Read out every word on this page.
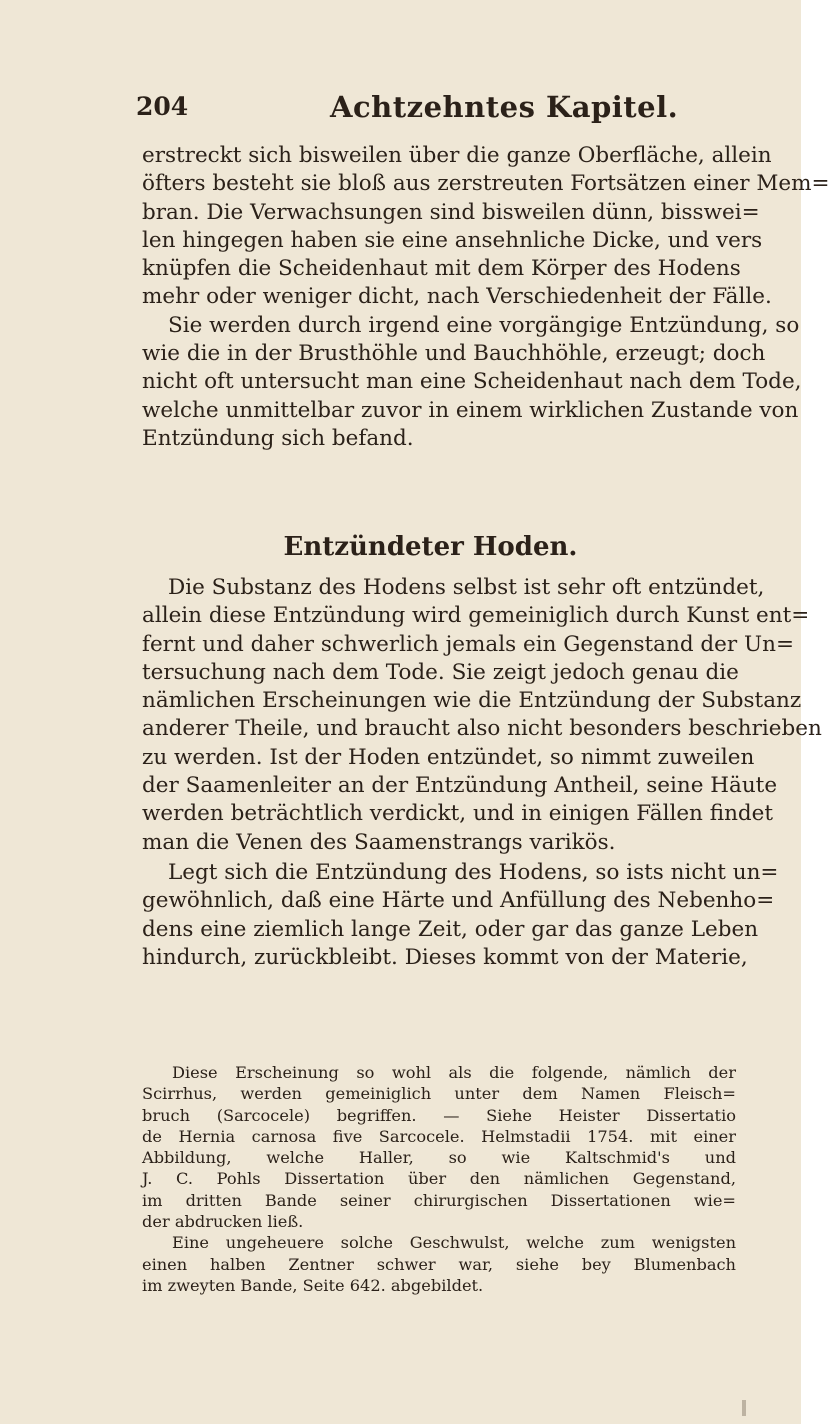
204	Achtzehntes Kapitel.
erstreckt sich bisweilen über die ganze Oberfläche, allein
öfters besteht sie bloß aus zerstreuten Fortsätzen einer Mem=
bran. Die Verwachsungen sind bisweilen dünn, bisswei=
len hingegen haben sie eine ansehnliche Dicke, und vers
knüpfen die Scheidenhaut mit dem Körper des Hodens
mehr oder weniger dicht, nach Verschiedenheit der Fälle.
Sie werden durch irgend eine vorgängige Entzündung, so
wie die in der Brusthöhle und Bauchhöhle, erzeugt; doch
nicht oft untersucht man eine Scheidenhaut nach dem Tode,
welche unmittelbar zuvor in einem wirklichen Zustande von
Entzündung sich befand.
Entzündeter Hoden.
Die Substanz des Hodens selbst ist sehr oft entzündet,
allein diese Entzündung wird gemeiniglich durch Kunst ent=
fernt und daher schwerlich jemals ein Gegenstand der Un=
tersuchung nach dem Tode. Sie zeigt jedoch genau die
nämlichen Erscheinungen wie die Entzündung der Substanz
anderer Theile, und braucht also nicht besonders beschrieben
zu werden. Ist der Hoden entzündet, so nimmt zuweilen
der Saamenleiter an der Entzündung Antheil, seine Häute
werden beträchtlich verdickt, und in einigen Fällen findet
man die Venen des Saamenstrangs varikös.
Legt sich die Entzündung des Hodens, so ists nicht un=
gewöhnlich, daß eine Härte und Anfüllung des Nebenho=
dens eine ziemlich lange Zeit, oder gar das ganze Leben
hindurch, zurückbleibt. Dieses kommt von der Materie,
Diese Erscheinung so wohl als die folgende, nämlich der
Scirrhus, werden gemeiniglich unter dem Namen Fleisch=
bruch (Sarcocele) begriffen. — Siehe Heister Dissertatio
de Hernia carnosa five Sarcocele. Helmstadii 1754. mit einer
Abbildung, welche Haller, so wie Kaltschmid's und
J. C. Pohls Dissertation über den nämlichen Gegenstand,
im dritten Bande seiner chirurgischen Dissertationen wie=
der abdrucken ließ.
Eine ungeheuere solche Geschwulst, welche zum wenigsten
einen halben Zentner schwer war, siehe bey Blumenbach
im zweyten Bande, Seite 642. abgebildet.
